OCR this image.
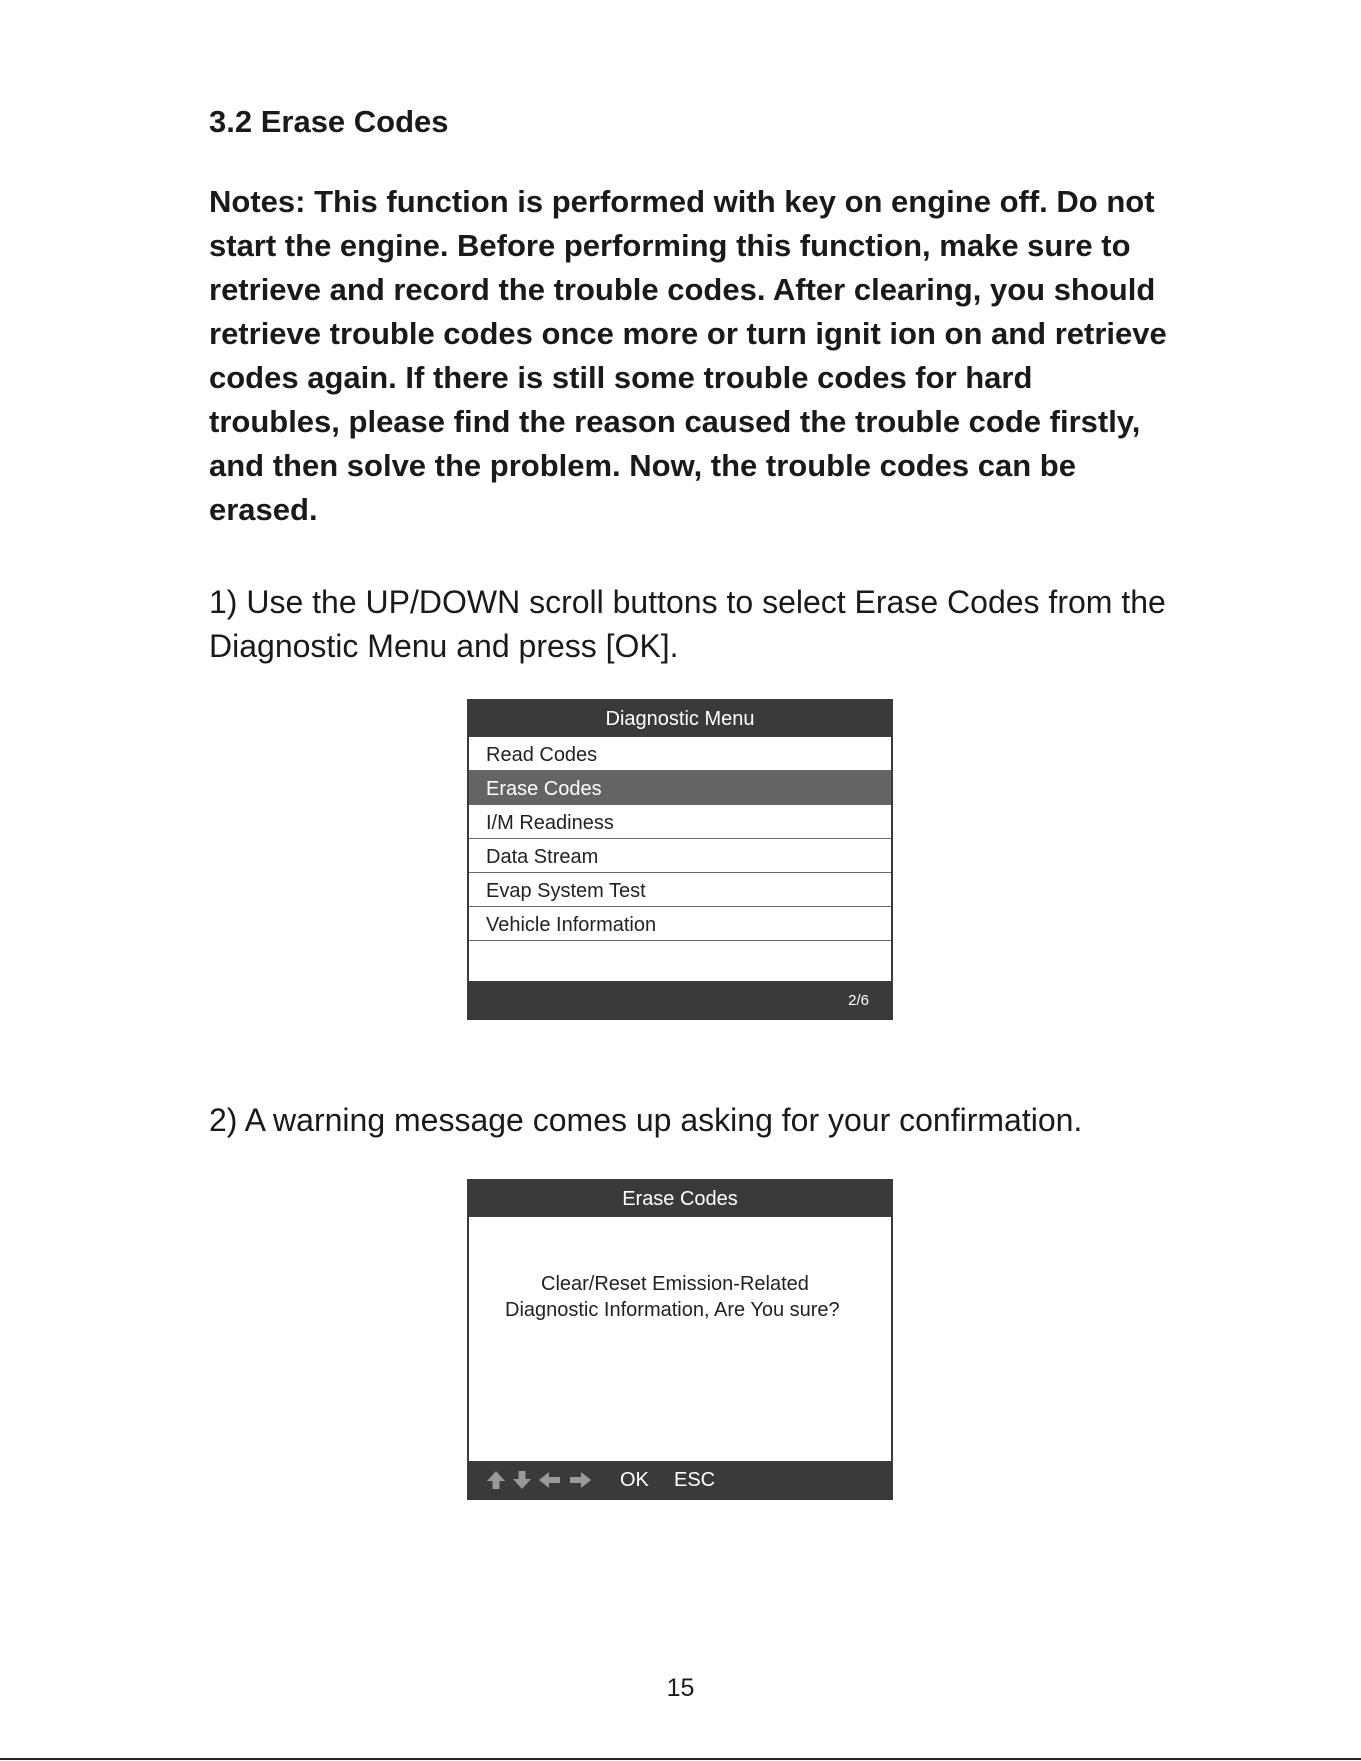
3.2 Erase Codes

Notes: This function is performed with key on engine off. Do not start the engine. Before performing this function, make sure to retrieve and record the trouble codes. After clearing, you should retrieve trouble codes once more or turn ignit ion on and retrieve codes again. If there is still some trouble codes for hard troubles, please find the reason caused the trouble code firstly, and then solve the problem. Now, the trouble codes can be erased.

1) Use the UP/DOWN scroll buttons to select Erase Codes from the Diagnostic Menu and press [OK].

Diagnostic Menu
Read Codes
Erase Codes
I/M Readiness
Data Stream
Evap System Test
Vehicle Information
2/6

2) A warning message comes up asking for your confirmation.

Erase Codes

Clear/Reset Emission-Related Diagnostic Information, Are You sure?

OK ESC
15
